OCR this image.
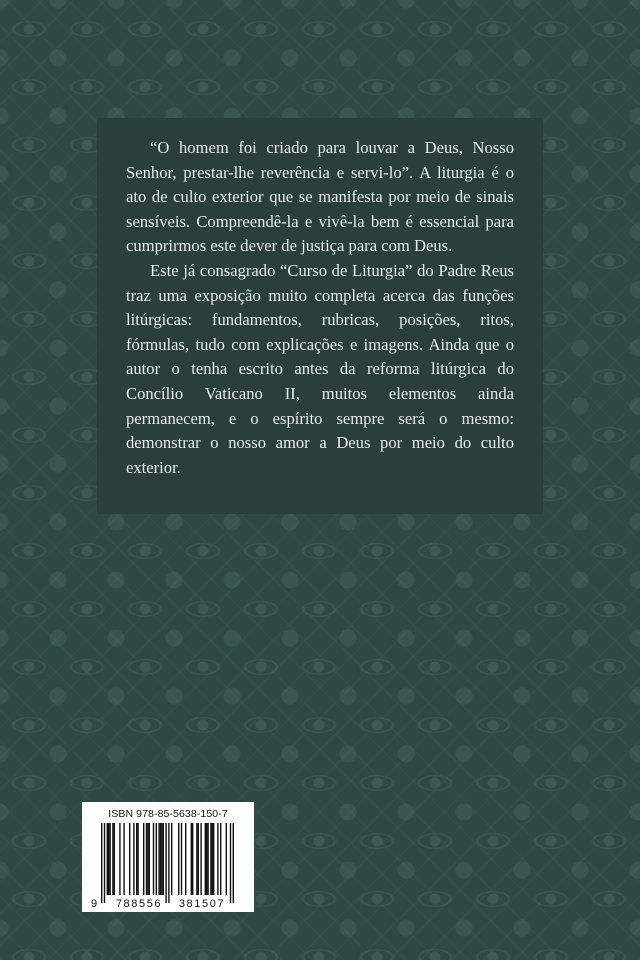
“O homem foi criado para louvar a Deus, Nosso Senhor, prestar-lhe reverência e servi-lo”. A liturgia é o ato de culto exterior que se manifesta por meio de sinais sensíveis. Compreendê-la e vivê-la bem é essencial para cumprirmos este dever de justiça para com Deus.

Este já consagrado “Curso de Liturgia” do Padre Reus traz uma exposição muito completa acerca das funções litúrgicas: fundamentos, rubricas, posições, ritos, fórmulas, tudo com explicações e imagens. Ainda que o autor o tenha escrito antes da reforma litúrgica do Concílio Vaticano II, muitos elementos ainda permanecem, e o espírito sempre será o mesmo: demonstrar o nosso amor a Deus por meio do culto exterior.

ISBN 978-85-5638-150-7
9 788556 381507
